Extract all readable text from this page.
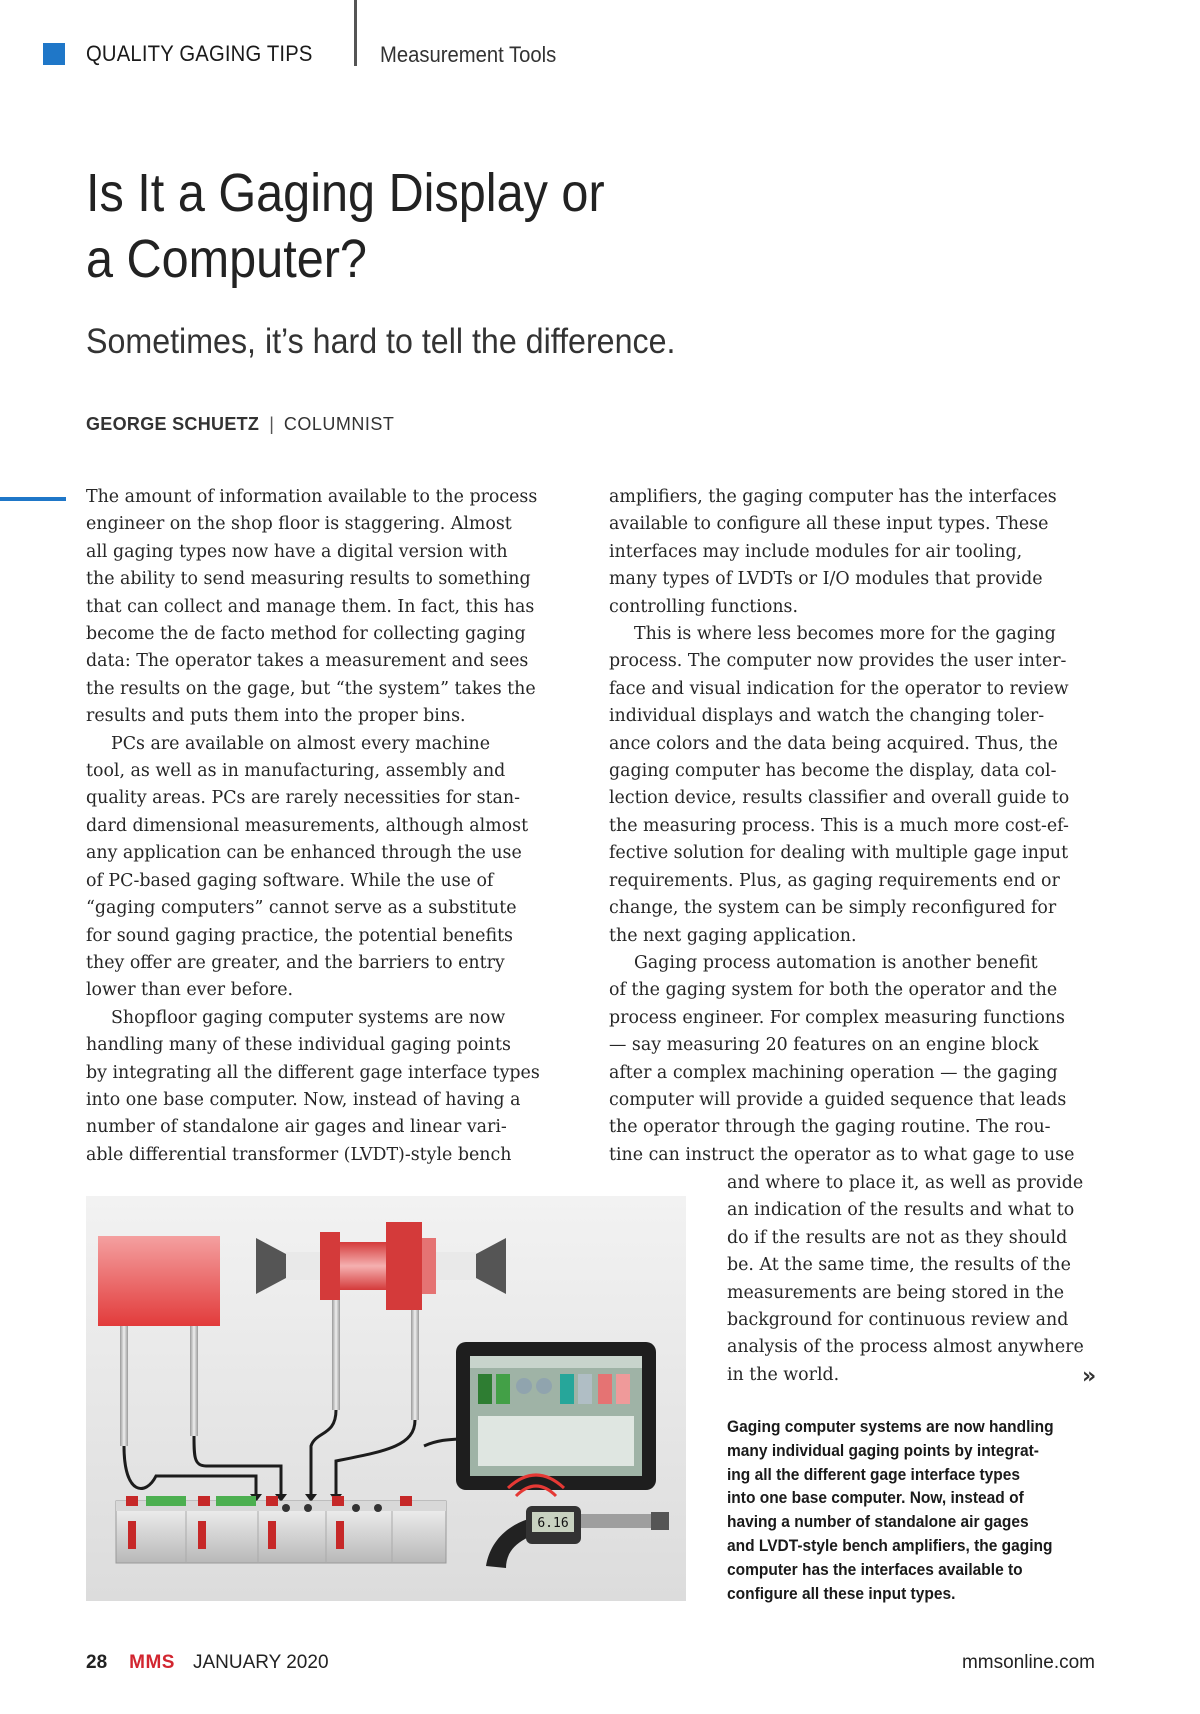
QUALITY GAGING TIPS	Measurement Tools
Is It a Gaging Display or
a Computer?
Sometimes, it’s hard to tell the difference.
GEORGE SCHUETZ | COLUMNIST
The amount of information available to the process
engineer on the shop floor is staggering. Almost
all gaging types now have a digital version with
the ability to send measuring results to something
that can collect and manage them. In fact, this has
become the de facto method for collecting gaging
data: The operator takes a measurement and sees
the results on the gage, but “the system” takes the
results and puts them into the proper bins.
PCs are available on almost every machine
tool, as well as in manufacturing, assembly and
quality areas. PCs are rarely necessities for stan-
dard dimensional measurements, although almost
any application can be enhanced through the use
of PC-based gaging software. While the use of
“gaging computers” cannot serve as a substitute
for sound gaging practice, the potential benefits
they offer are greater, and the barriers to entry
lower than ever before.
Shopfloor gaging computer systems are now
handling many of these individual gaging points
by integrating all the different gage interface types
into one base computer. Now, instead of having a
number of standalone air gages and linear vari-
able differential transformer (LVDT)-style bench
amplifiers, the gaging computer has the interfaces
available to configure all these input types. These
interfaces may include modules for air tooling,
many types of LVDTs or I/O modules that provide
controlling functions.
This is where less becomes more for the gaging
process. The computer now provides the user inter-
face and visual indication for the operator to review
individual displays and watch the changing toler-
ance colors and the data being acquired. Thus, the
gaging computer has become the display, data col-
lection device, results classifier and overall guide to
the measuring process. This is a much more cost-ef-
fective solution for dealing with multiple gage input
requirements. Plus, as gaging requirements end or
change, the system can be simply reconfigured for
the next gaging application.
Gaging process automation is another benefit
of the gaging system for both the operator and the
process engineer. For complex measuring functions
— say measuring 20 features on an engine block
after a complex machining operation — the gaging
computer will provide a guided sequence that leads
the operator through the gaging routine. The rou-
tine can instruct the operator as to what gage to use
and where to place it, as well as provide
an indication of the results and what to
do if the results are not as they should
be. At the same time, the results of the
measurements are being stored in the
background for continuous review and
analysis of the process almost anywhere
in the world.	»
6.16
Gaging computer systems are now handling
many individual gaging points by integrat-
ing all the different gage interface types
into one base computer. Now, instead of
having a number of standalone air gages
and LVDT-style bench amplifiers, the gaging
computer has the interfaces available to
configure all these input types.
28 MMS JANUARY 2020	mmsonline.com
